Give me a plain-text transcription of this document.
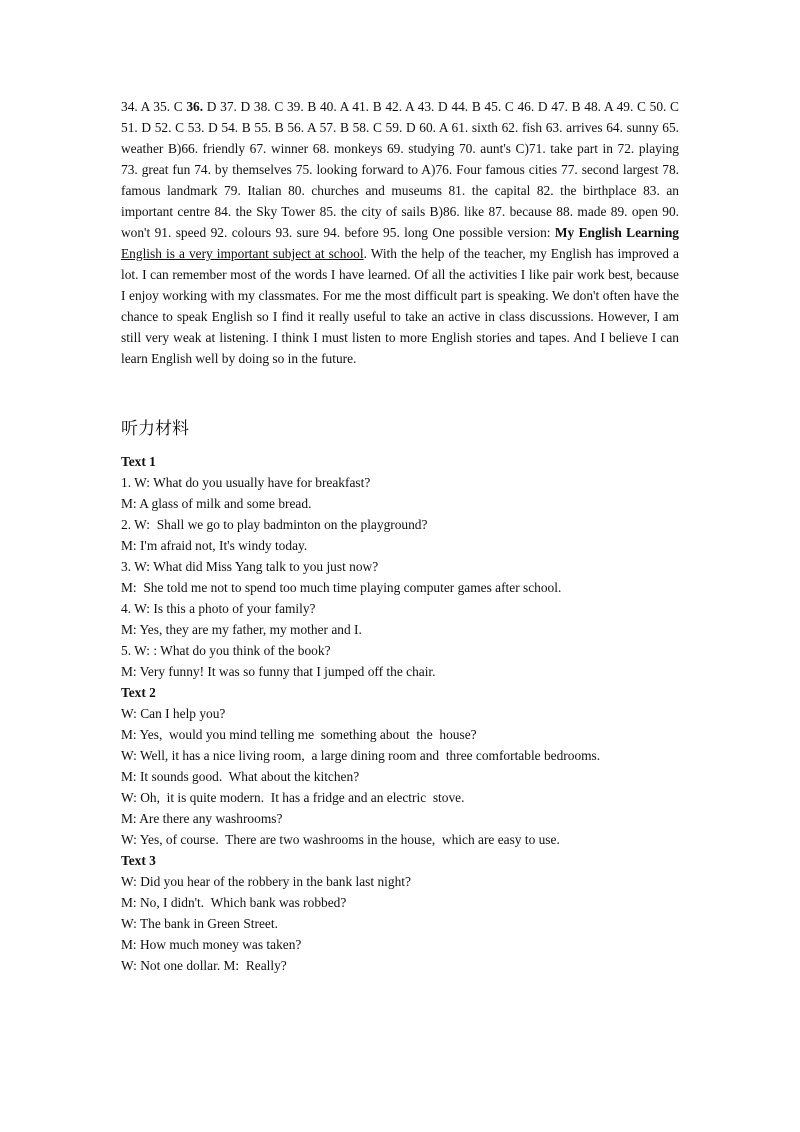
34. A 35. C 36. D 37. D 38. C 39. B 40. A 41. B 42. A 43. D 44. B 45. C 46. D 47. B 48. A 49. C 50. C 51. D 52. C 53. D 54. B 55. B 56. A 57. B 58. C 59. D 60. A 61. sixth 62. fish 63. arrives 64. sunny 65. weather B)66. friendly 67. winner 68. monkeys 69. studying 70. aunt's C)71. take part in 72. playing 73. great fun 74. by themselves 75. looking forward to A)76. Four famous cities 77. second largest 78. famous landmark 79. Italian 80. churches and museums 81. the capital 82. the birthplace 83. an important centre 84. the Sky Tower 85. the city of sails B)86. like 87. because 88. made 89. open 90. won't 91. speed 92. colours 93. sure 94. before 95. long One possible version: My English Learning English is a very important subject at school. With the help of the teacher, my English has improved a lot. I can remember most of the words I have learned. Of all the activities I like pair work best, because I enjoy working with my classmates. For me the most difficult part is speaking. We don't often have the chance to speak English so I find it really useful to take an active in class discussions. However, I am still very weak at listening. I think I must listen to more English stories and tapes. And I believe I can learn English well by doing so in the future.

听力材料
Text 1
1. W: What do you usually have for breakfast?
M: A glass of milk and some bread.
2. W:  Shall we go to play badminton on the playground?
M: I'm afraid not, It's windy today.
3. W: What did Miss Yang talk to you just now?
M:  She told me not to spend too much time playing computer games after school.
4. W: Is this a photo of your family?
M: Yes, they are my father, my mother and I.
5. W: : What do you think of the book?
M: Very funny! It was so funny that I jumped off the chair.
Text 2
W: Can I help you?
M: Yes,  would you mind telling me  something about  the  house?
W: Well, it has a nice living room,  a large dining room and  three comfortable bedrooms.
M: It sounds good.  What about the kitchen?
W: Oh,  it is quite modern.  It has a fridge and an electric  stove.
M: Are there any washrooms?
W: Yes, of course.  There are two washrooms in the house,  which are easy to use.
Text 3
W: Did you hear of the robbery in the bank last night?
M: No, I didn't.  Which bank was robbed?
W: The bank in Green Street.
M: How much money was taken?
W: Not one dollar. M:  Really?
